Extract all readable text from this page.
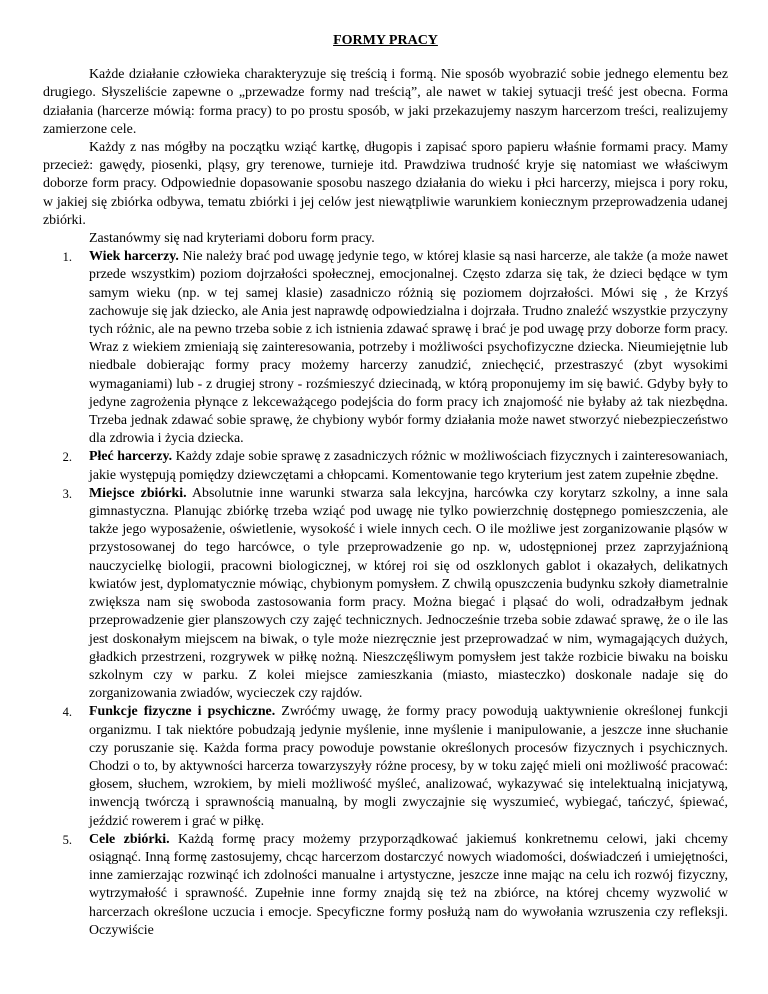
FORMY PRACY

Każde działanie człowieka charakteryzuje się treścią i formą. Nie sposób wyobrazić sobie jednego elementu bez drugiego. Słyszeliście zapewne o „przewadze formy nad treścią”, ale nawet w takiej sytuacji treść jest obecna. Forma działania (harcerze mówią: forma pracy) to po prostu sposób, w jaki przekazujemy naszym harcerzom treści, realizujemy zamierzone cele.

Każdy z nas mógłby na początku wziąć kartkę, długopis i zapisać sporo papieru właśnie formami pracy. Mamy przecież: gawędy, piosenki, pląsy, gry terenowe, turnieje itd. Prawdziwa trudność kryje się natomiast we właściwym doborze form pracy. Odpowiednie dopasowanie sposobu naszego działania do wieku i płci harcerzy, miejsca i pory roku, w jakiej się zbiórka odbywa, tematu zbiórki i jej celów jest niewątpliwie warunkiem koniecznym przeprowadzenia udanej zbiórki.

Zastanówmy się nad kryteriami doboru form pracy.

1. Wiek harcerzy. Nie należy brać pod uwagę jedynie tego, w której klasie są nasi harcerze, ale także (a może nawet przede wszystkim) poziom dojrzałości społecznej, emocjonalnej. Często zdarza się tak, że dzieci będące w tym samym wieku (np. w tej samej klasie) zasadniczo różnią się poziomem dojrzałości. Mówi się , że Krzyś zachowuje się jak dziecko, ale Ania jest naprawdę odpowiedzialna i dojrzała. Trudno znaleźć wszystkie przyczyny tych różnic, ale na pewno trzeba sobie z ich istnienia zdawać sprawę i brać je pod uwagę przy doborze form pracy. Wraz z wiekiem zmieniają się zainteresowania, potrzeby i możliwości psychofizyczne dziecka. Nieumiejętnie lub niedbale dobierając formy pracy możemy harcerzy zanudzić, zniechęcić, przestraszyć (zbyt wysokimi wymaganiami) lub - z drugiej strony - rozśmieszyć dziecinadą, w którą proponujemy im się bawić. Gdyby były to jedyne zagrożenia płynące z lekceważącego podejścia do form pracy ich znajomość nie byłaby aż tak niezbędna. Trzeba jednak zdawać sobie sprawę, że chybiony wybór formy działania może nawet stworzyć niebezpieczeństwo dla zdrowia i życia dziecka.
2. Płeć harcerzy. Każdy zdaje sobie sprawę z zasadniczych różnic w możliwościach fizycznych i zainteresowaniach, jakie występują pomiędzy dziewczętami a chłopcami. Komentowanie tego kryterium jest zatem zupełnie zbędne.
3. Miejsce zbiórki. Absolutnie inne warunki stwarza sala lekcyjna, harcówka czy korytarz szkolny, a inne sala gimnastyczna. Planując zbiórkę trzeba wziąć pod uwagę nie tylko powierzchnię dostępnego pomieszczenia, ale także jego wyposażenie, oświetlenie, wysokość i wiele innych cech. O ile możliwe jest zorganizowanie pląsów w przystosowanej do tego harcówce, o tyle przeprowadzenie go np. w, udostępnionej przez zaprzyjaźnioną nauczycielkę biologii, pracowni biologicznej, w której roi się od oszklonych gablot i okazałych, delikatnych kwiatów jest, dyplomatycznie mówiąc, chybionym pomysłem. Z chwilą opuszczenia budynku szkoły diametralnie zwiększa nam się swoboda zastosowania form pracy. Można biegać i pląsać do woli, odradzałbym jednak przeprowadzenie gier planszowych czy zajęć technicznych. Jednocześnie trzeba sobie zdawać sprawę, że o ile las jest doskonałym miejscem na biwak, o tyle może niezręcznie jest przeprowadzać w nim, wymagających dużych, gładkich przestrzeni, rozgrywek w piłkę nożną. Nieszczęśliwym pomysłem jest także rozbicie biwaku na boisku szkolnym czy w parku. Z kolei miejsce zamieszkania (miasto, miasteczko) doskonale nadaje się do zorganizowania zwiadów, wycieczek czy rajdów.
4. Funkcje fizyczne i psychiczne. Zwróćmy uwagę, że formy pracy powodują uaktywnienie określonej funkcji organizmu. I tak niektóre pobudzają jedynie myślenie, inne myślenie i manipulowanie, a jeszcze inne słuchanie czy poruszanie się. Każda forma pracy powoduje powstanie określonych procesów fizycznych i psychicznych. Chodzi o to, by aktywności harcerza towarzyszyły różne procesy, by w toku zajęć mieli oni możliwość pracować: głosem, słuchem, wzrokiem, by mieli możliwość myśleć, analizować, wykazywać się intelektualną inicjatywą, inwencją twórczą i sprawnością manualną, by mogli zwyczajnie się wyszumieć, wybiegać, tańczyć, śpiewać, jeździć rowerem i grać w piłkę.
5. Cele zbiórki. Każdą formę pracy możemy przyporządkować jakiemuś konkretnemu celowi, jaki chcemy osiągnąć. Inną formę zastosujemy, chcąc harcerzom dostarczyć nowych wiadomości, doświadczeń i umiejętności, inne zamierzając rozwinąć ich zdolności manualne i artystyczne, jeszcze inne mając na celu ich rozwój fizyczny, wytrzymałość i sprawność. Zupełnie inne formy znajdą się też na zbiórce, na której chcemy wyzwolić w harcerzach określone uczucia i emocje. Specyficzne formy posłużą nam do wywołania wzruszenia czy refleksji. Oczywiście
